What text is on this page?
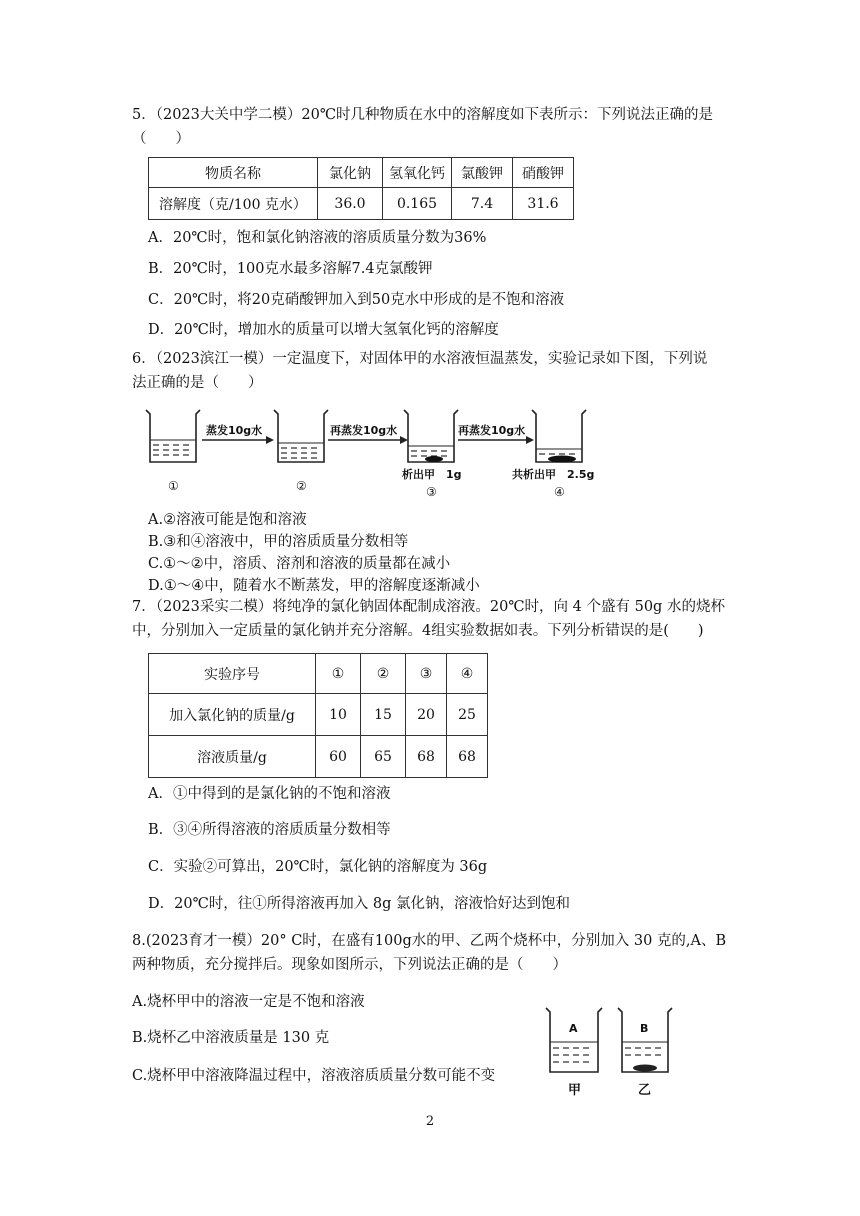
5．（2023大关中学二模）20℃时几种物质在水中的溶解度如下表所示：下列说法正确的是
（　　）
物质名称	氯化钠	氢氧化钙	氯酸钾	硝酸钾
溶解度（克/100 克水）	36.0	0.165	7.4	31.6
A．20℃时，饱和氯化钠溶液的溶质质量分数为36%
B．20℃时，100克水最多溶解7.4克氯酸钾
C．20℃时，将20克硝酸钾加入到50克水中形成的是不饱和溶液
D．20℃时，增加水的质量可以增大氢氧化钙的溶解度
6．（2023滨江一模）一定温度下，对固体甲的水溶液恒温蒸发，实验记录如下图，下列说
法正确的是（　　）
①
蒸发10g水
②
再蒸发10g水
析出甲　1g
③
再蒸发10g水
共析出甲　2.5g
④
A.②溶液可能是饱和溶液
B.③和④溶液中，甲的溶质质量分数相等
C.①～②中，溶质、溶剂和溶液的质量都在减小
D.①～④中，随着水不断蒸发，甲的溶解度逐渐减小
7．（2023采实二模）将纯净的氯化钠固体配制成溶液。20℃时，向 4 个盛有 50g 水的烧杯
中，分别加入一定质量的氯化钠并充分溶解。4组实验数据如表。下列分析错误的是(　　)
实验序号	①	②	③	④
加入氯化钠的质量/g	10	15	20	25
溶液质量/g	60	65	68	68
A．①中得到的是氯化钠的不饱和溶液
B．③④所得溶液的溶质质量分数相等
C．实验②可算出，20℃时，氯化钠的溶解度为 36g
D．20℃时，往①所得溶液再加入 8g 氯化钠，溶液恰好达到饱和
8.(2023育才一模）20° C时，在盛有100g水的甲、乙两个烧杯中，分别加入 30 克的,A、B
两种物质，充分搅拌后。现象如图所示，下列说法正确的是（　　）
A.烧杯甲中的溶液一定是不饱和溶液
B.烧杯乙中溶液质量是 130 克
C.烧杯甲中溶液降温过程中，溶液溶质质量分数可能不变
A
甲
B
乙
2
